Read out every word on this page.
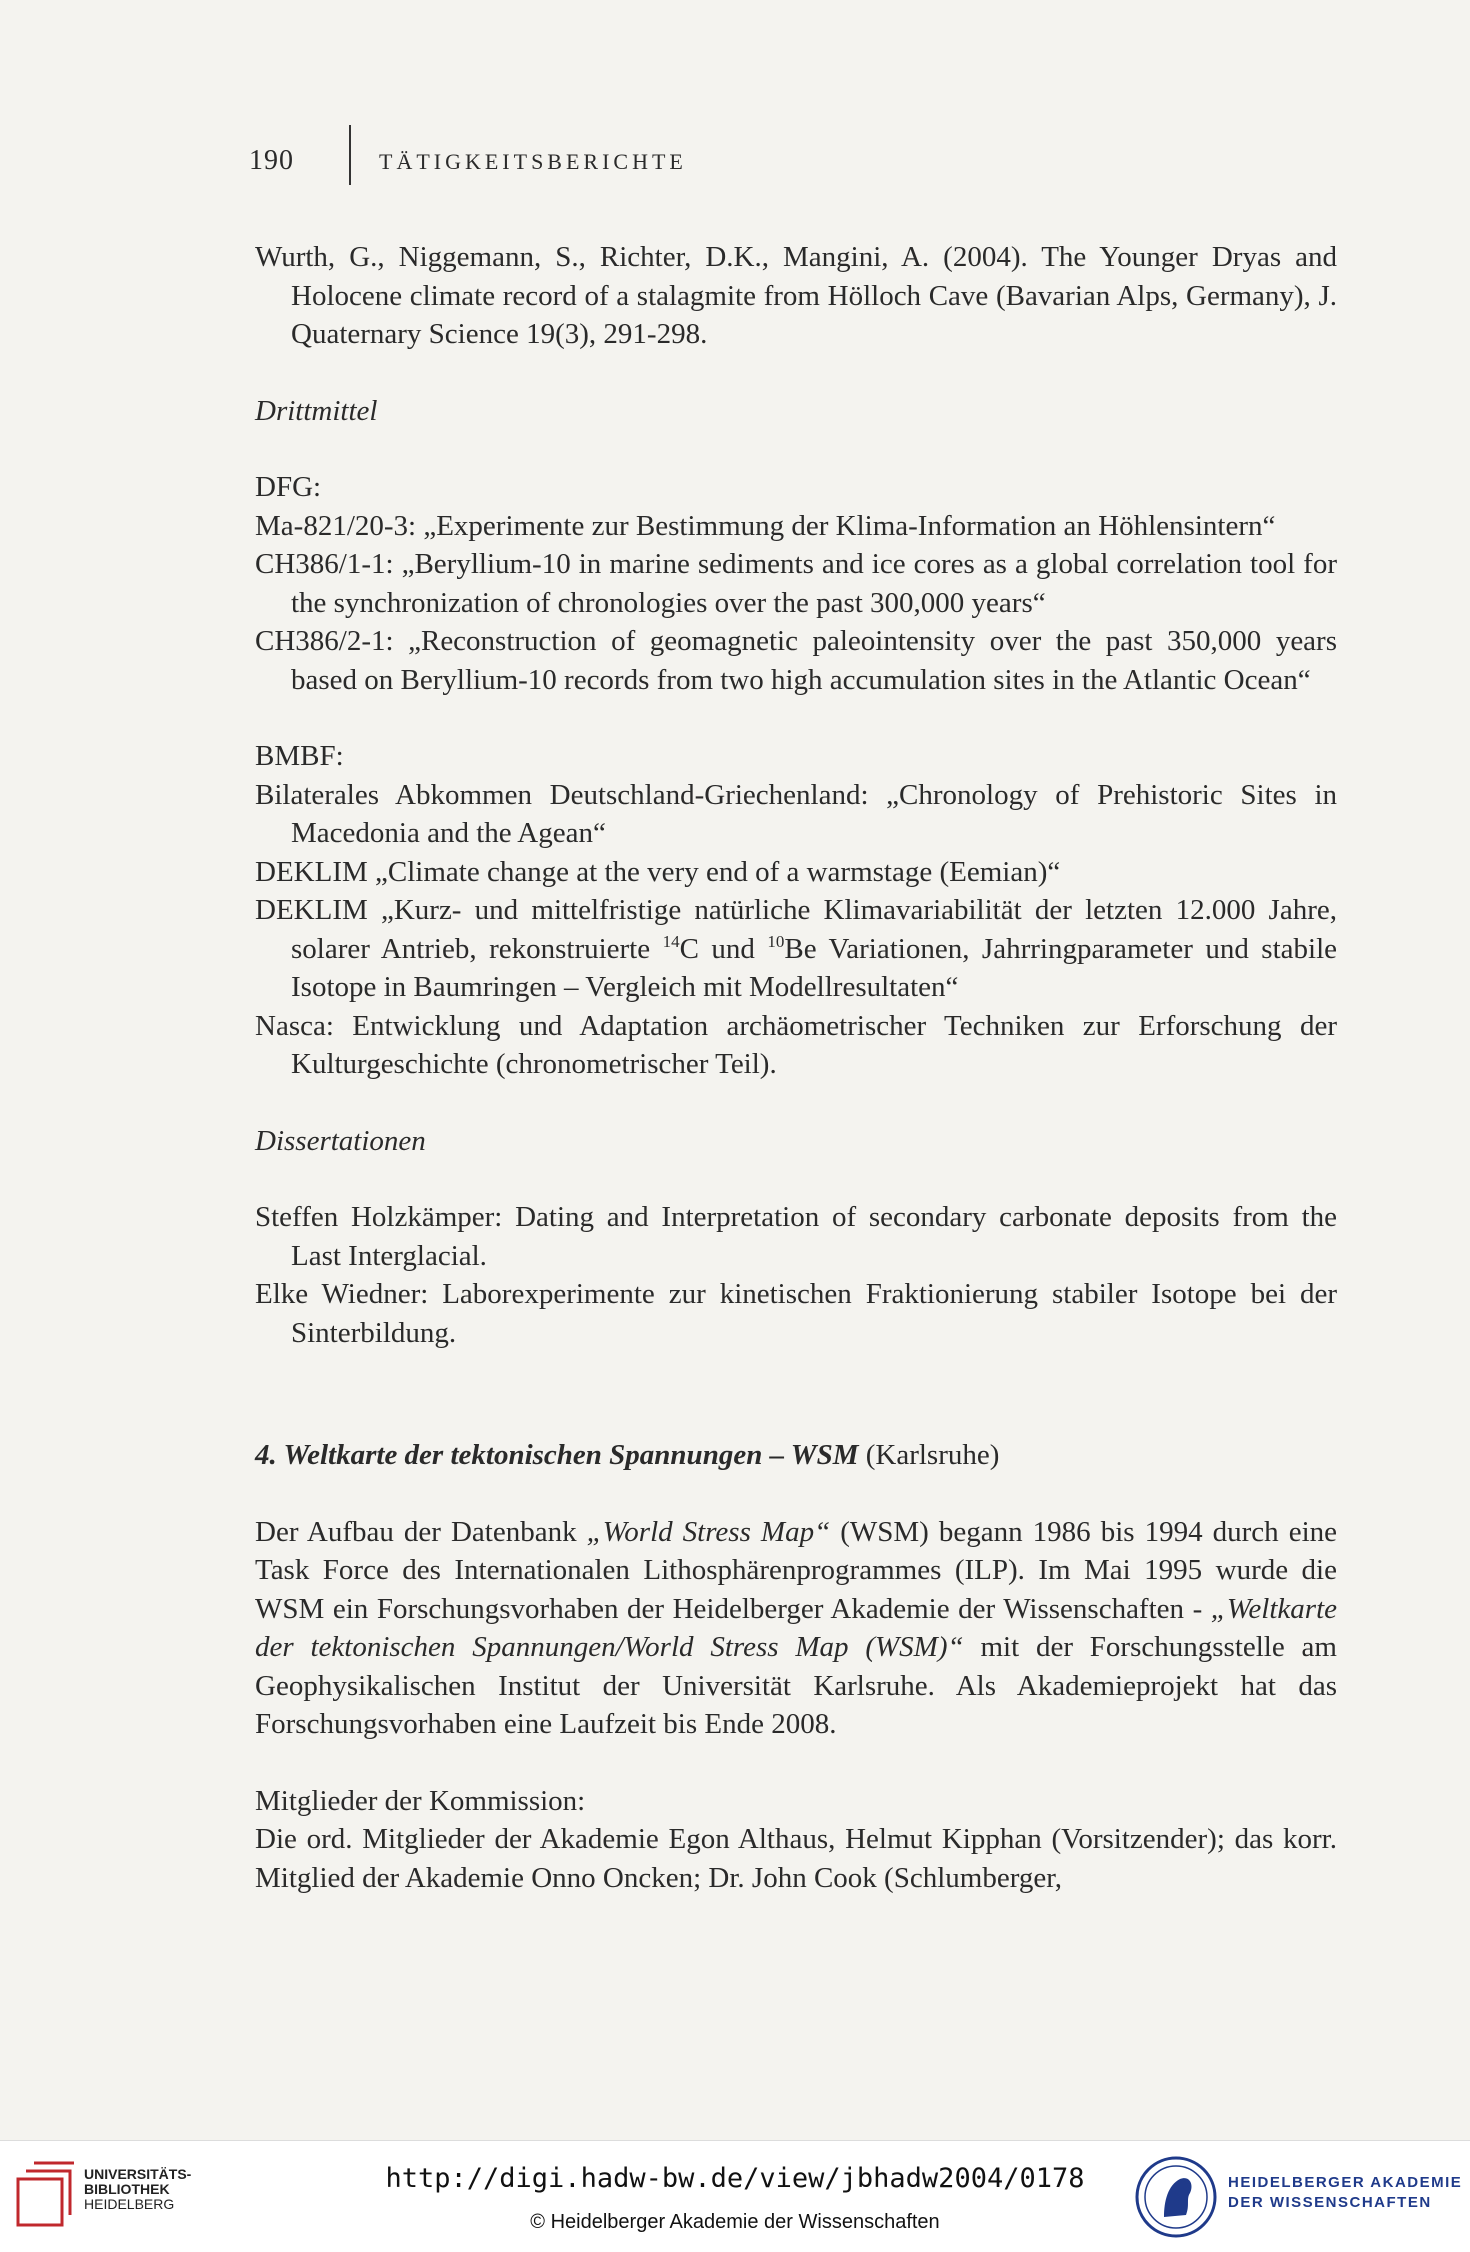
190	TÄTIGKEITSBERICHTE

Wurth, G., Niggemann, S., Richter, D.K., Mangini, A. (2004). The Younger Dryas and Holocene climate record of a stalagmite from Hölloch Cave (Bavarian Alps, Germany), J. Quaternary Science 19(3), 291-298.

Drittmittel

DFG:

Ma-821/20-3: „Experimente zur Bestimmung der Klima-Information an Höhlensintern“

CH386/1-1: „Beryllium-10 in marine sediments and ice cores as a global correlation tool for the synchronization of chronologies over the past 300,000 years“

CH386/2-1: „Reconstruction of geomagnetic paleointensity over the past 350,000 years based on Beryllium-10 records from two high accumulation sites in the Atlantic Ocean“

BMBF:

Bilaterales Abkommen Deutschland-Griechenland: „Chronology of Prehistoric Sites in Macedonia and the Agean“

DEKLIM „Climate change at the very end of a warmstage (Eemian)“

DEKLIM „Kurz- und mittelfristige natürliche Klimavariabilität der letzten 12.000 Jahre, solarer Antrieb, rekonstruierte $^{14}$C und $^{10}$Be Variationen, Jahrringparameter und stabile Isotope in Baumringen – Vergleich mit Modellresultaten“

Nasca: Entwicklung und Adaptation archäometrischer Techniken zur Erforschung der Kulturgeschichte (chronometrischer Teil).

Dissertationen

Steffen Holzkämper: Dating and Interpretation of secondary carbonate deposits from the Last Interglacial.

Elke Wiedner: Laborexperimente zur kinetischen Fraktionierung stabiler Isotope bei der Sinterbildung.

4. Weltkarte der tektonischen Spannungen – WSM (Karlsruhe)

Der Aufbau der Datenbank „World Stress Map“ (WSM) begann 1986 bis 1994 durch eine Task Force des Internationalen Lithosphärenprogrammes (ILP). Im Mai 1995 wurde die WSM ein Forschungsvorhaben der Heidelberger Akademie der Wissenschaften - „Weltkarte der tektonischen Spannungen/World Stress Map (WSM)“ mit der Forschungsstelle am Geophysikalischen Institut der Universität Karlsruhe. Als Akademieprojekt hat das Forschungsvorhaben eine Laufzeit bis Ende 2008.

Mitglieder der Kommission:

Die ord. Mitglieder der Akademie Egon Althaus, Helmut Kipphan (Vorsitzender); das korr. Mitglied der Akademie Onno Oncken; Dr. John Cook (Schlumberger,

UNIVERSITÄTS-
BIBLIOTHEK
HEIDELBERG
http://digi.hadw-bw.de/view/jbhadw2004/0178
© Heidelberger Akademie der Wissenschaften
HEIDELBERGER AKADEMIE
DER WISSENSCHAFTEN
